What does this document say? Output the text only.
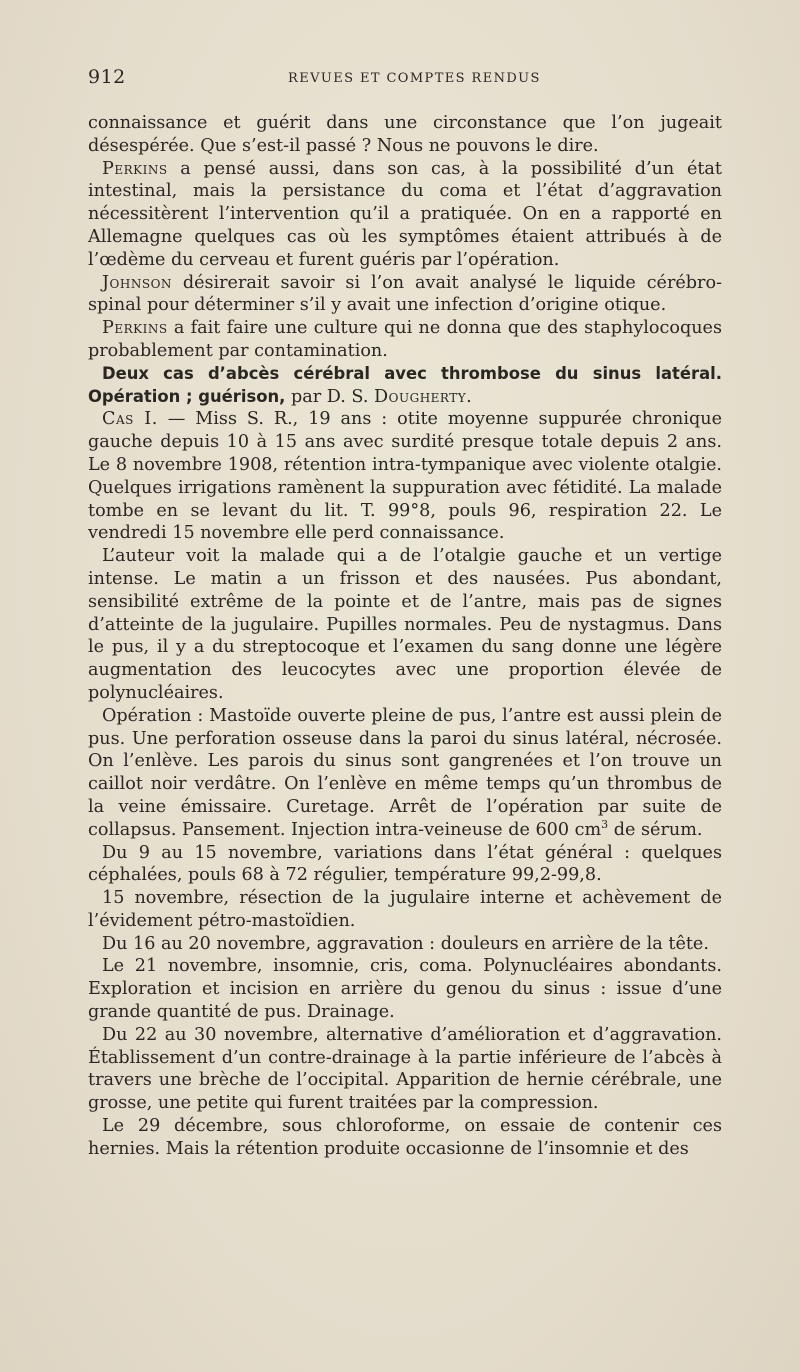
912	REVUES ET COMPTES RENDUS

connaissance et guérit dans une circonstance que l’on jugeait désespérée. Que s’est-il passé ? Nous ne pouvons le dire.

Perkins a pensé aussi, dans son cas, à la possibilité d’un état intestinal, mais la persistance du coma et l’état d’aggravation nécessitèrent l’intervention qu’il a pratiquée. On en a rapporté en Allemagne quelques cas où les symptômes étaient attribués à de l’œdème du cerveau et furent guéris par l’opération.

Johnson désirerait savoir si l’on avait analysé le liquide cérébro-spinal pour déterminer s’il y avait une infection d’origine otique.

Perkins a fait faire une culture qui ne donna que des staphylocoques probablement par contamination.

Deux cas d’abcès cérébral avec thrombose du sinus latéral. Opération ; guérison, par D. S. Dougherty.

Cas I. — Miss S. R., 19 ans : otite moyenne suppurée chronique gauche depuis 10 à 15 ans avec surdité presque totale depuis 2 ans. Le 8 novembre 1908, rétention intra-tympanique avec violente otalgie. Quelques irrigations ramènent la suppuration avec fétidité. La malade tombe en se levant du lit. T. 99°8, pouls 96, respiration 22. Le vendredi 15 novembre elle perd connaissance.

L’auteur voit la malade qui a de l’otalgie gauche et un vertige intense. Le matin a un frisson et des nausées. Pus abondant, sensibilité extrême de la pointe et de l’antre, mais pas de signes d’atteinte de la jugulaire. Pupilles normales. Peu de nystagmus. Dans le pus, il y a du streptocoque et l’examen du sang donne une légère augmentation des leucocytes avec une proportion élevée de polynucléaires.

Opération : Mastoïde ouverte pleine de pus, l’antre est aussi plein de pus. Une perforation osseuse dans la paroi du sinus latéral, nécrosée. On l’enlève. Les parois du sinus sont gangrenées et l’on trouve un caillot noir verdâtre. On l’enlève en même temps qu’un thrombus de la veine émissaire. Curetage. Arrêt de l’opération par suite de collapsus. Pansement. Injection intra-veineuse de 600 $cm^3$ de sérum.

Du 9 au 15 novembre, variations dans l’état général : quelques céphalées, pouls 68 à 72 régulier, température 99,2-99,8.

15 novembre, résection de la jugulaire interne et achèvement de l’évidement pétro-mastoïdien.

Du 16 au 20 novembre, aggravation : douleurs en arrière de la tête.

Le 21 novembre, insomnie, cris, coma. Polynucléaires abondants. Exploration et incision en arrière du genou du sinus : issue d’une grande quantité de pus. Drainage.

Du 22 au 30 novembre, alternative d’amélioration et d’aggravation. Établissement d’un contre-drainage à la partie inférieure de l’abcès à travers une brèche de l’occipital. Apparition de hernie cérébrale, une grosse, une petite qui furent traitées par la compression.

Le 29 décembre, sous chloroforme, on essaie de contenir ces hernies. Mais la rétention produite occasionne de l’insomnie et des
